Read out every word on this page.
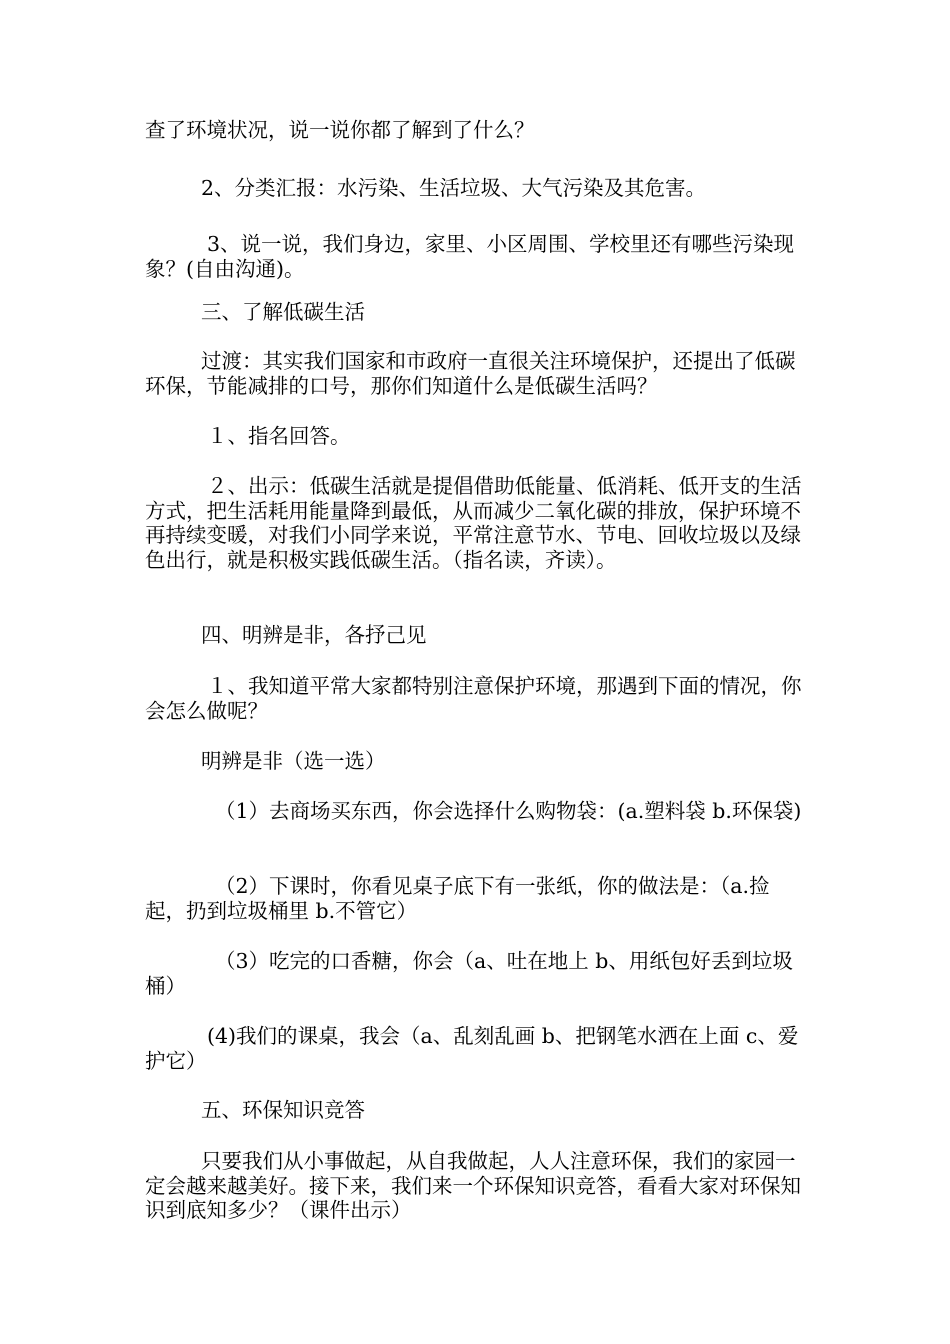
查了环境状况，说一说你都了解到了什么？

2、分类汇报：水污染、生活垃圾、大气污染及其危害。

3、说一说，我们身边，家里、小区周围、学校里还有哪些污染现象？(自由沟通)。

三、了解低碳生活

过渡：其实我们国家和市政府一直很关注环境保护，还提出了低碳环保，节能减排的口号，那你们知道什么是低碳生活吗？

１、指名回答。

２、出示：低碳生活就是提倡借助低能量、低消耗、低开支的生活方式，把生活耗用能量降到最低，从而减少二氧化碳的排放，保护环境不再持续变暖，对我们小同学来说，平常注意节水、节电、回收垃圾以及绿色出行，就是积极实践低碳生活。（指名读，齐读）。

四、明辨是非，各抒己见

１、我知道平常大家都特别注意保护环境，那遇到下面的情况，你会怎么做呢？

明辨是非（选一选）

（1）去商场买东西，你会选择什么购物袋：(a.塑料袋 b.环保袋)

（2）下课时，你看见桌子底下有一张纸，你的做法是：（a.捡起，扔到垃圾桶里 b.不管它）

（3）吃完的口香糖，你会（a、吐在地上 b、用纸包好丢到垃圾桶）

(4)我们的课桌，我会（a、乱刻乱画 b、把钢笔水洒在上面 c、爱护它）

五、环保知识竞答

只要我们从小事做起，从自我做起，人人注意环保，我们的家园一定会越来越美好。接下来，我们来一个环保知识竞答，看看大家对环保知识到底知多少？（课件出示）
